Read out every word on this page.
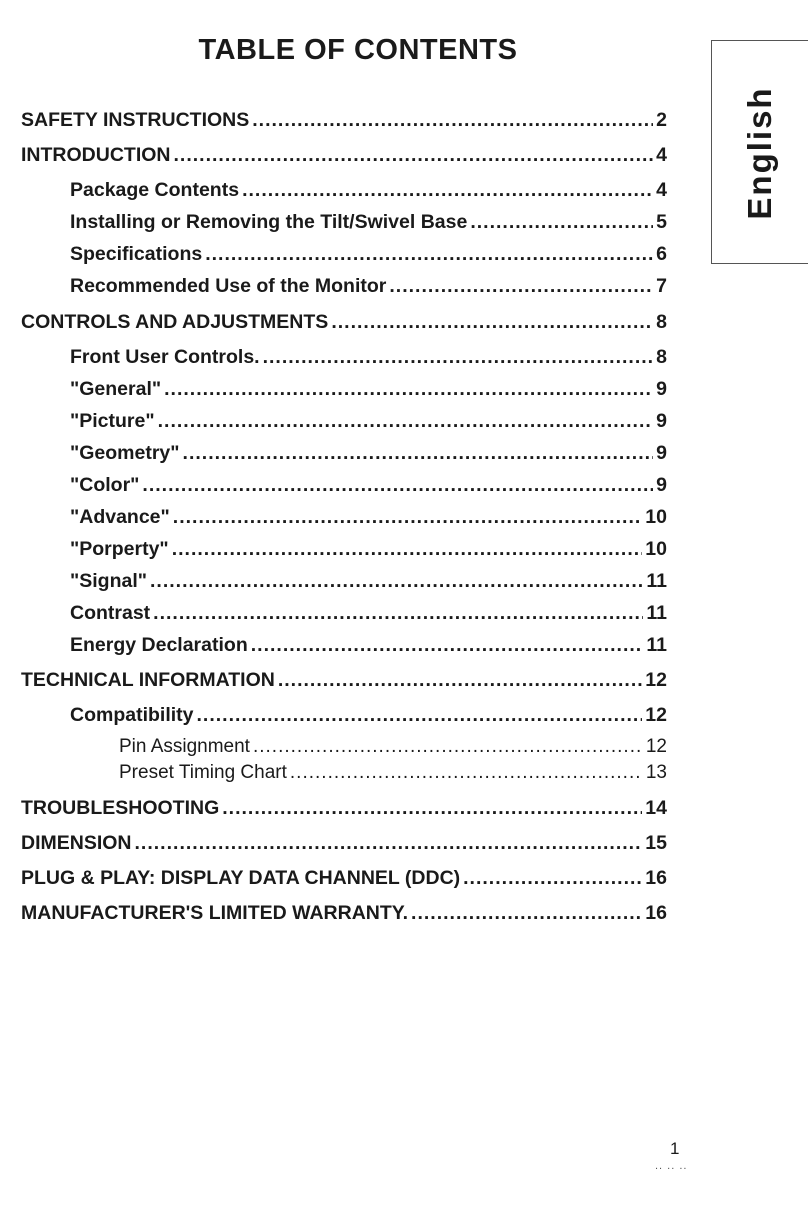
TABLE OF CONTENTS
English
SAFETY INSTRUCTIONS .....	2
INTRODUCTION .....	4
Package Contents .....	4
Installing or Removing the Tilt/Swivel Base .....	5
Specifications .....	6
Recommended Use of the Monitor .....	7
CONTROLS AND ADJUSTMENTS .....	8
Front User Controls. .....	8
"General" .....	9
"Picture" .....	9
"Geometry" .....	9
"Color" .....	9
"Advance" .....	10
"Porperty" .....	10
"Signal" .....	11
Contrast .....	11
Energy Declaration .....	11
TECHNICAL INFORMATION .....	12
Compatibility .....	12
Pin Assignment .....	12
Preset Timing Chart .....	13
TROUBLESHOOTING .....	14
DIMENSION .....	15
PLUG & PLAY: DISPLAY DATA CHANNEL (DDC) .....	16
MANUFACTURER'S LIMITED WARRANTY. .....	16
1
.. .. ..
